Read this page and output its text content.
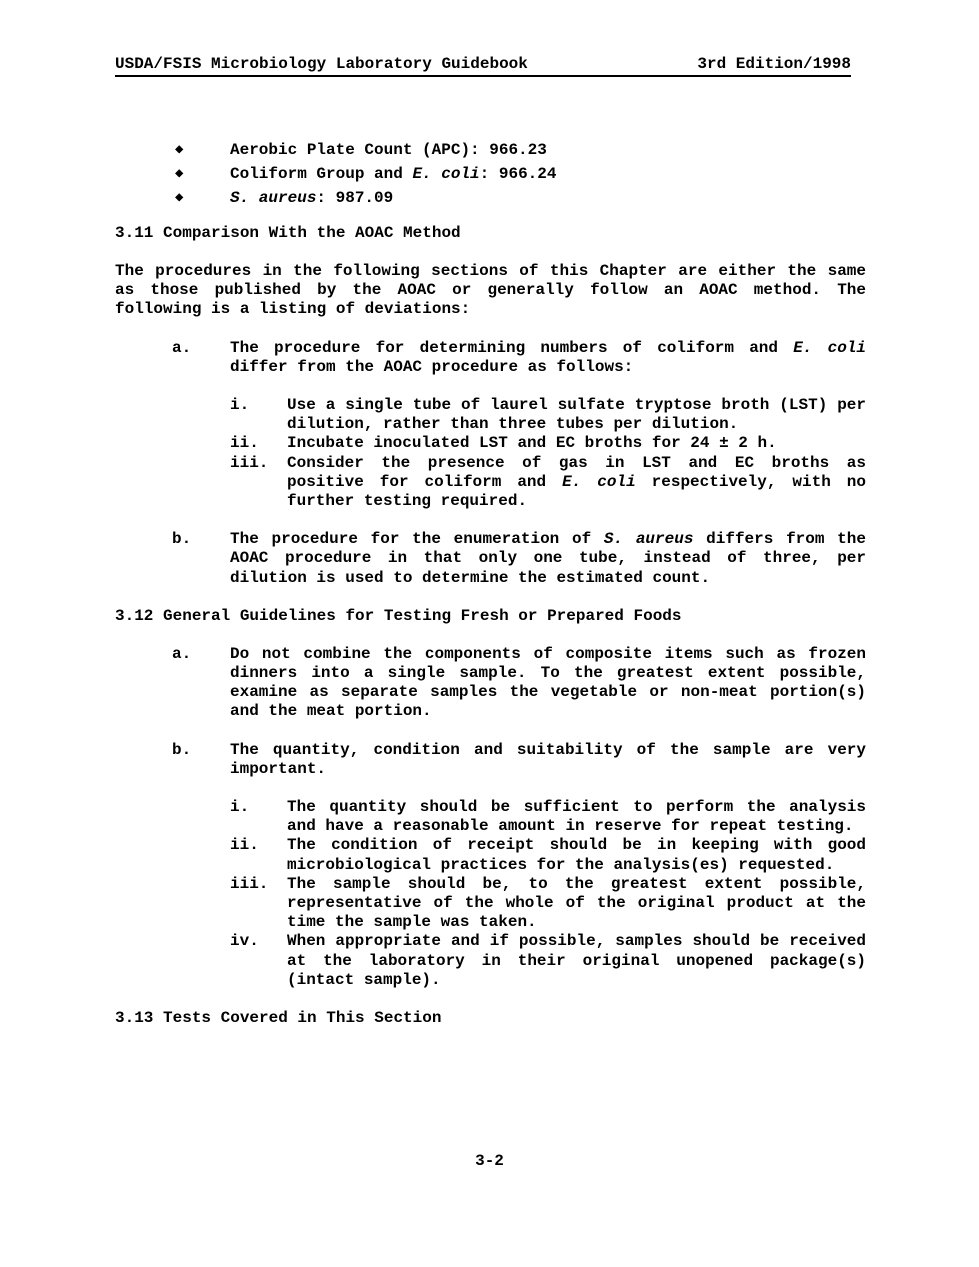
USDA/FSIS Microbiology Laboratory Guidebook	3rd Edition/1998
◆	Aerobic Plate Count (APC): 966.23
◆	Coliform Group and E. coli: 966.24
◆	S. aureus: 987.09
3.11 Comparison With the AOAC Method

The procedures in the following sections of this Chapter are either the same as those published by the AOAC or generally follow an AOAC method. The following is a listing of deviations:

a. The procedure for determining numbers of coliform and E. coli differ from the AOAC procedure as follows:
i. Use a single tube of laurel sulfate tryptose broth (LST) per dilution, rather than three tubes per dilution.
ii. Incubate inoculated LST and EC broths for 24 ± 2 h.
iii. Consider the presence of gas in LST and EC broths as positive for coliform and E. coli respectively, with no further testing required.
b. The procedure for the enumeration of S. aureus differs from the AOAC procedure in that only one tube, instead of three, per dilution is used to determine the estimated count.
3.12 General Guidelines for Testing Fresh or Prepared Foods
a. Do not combine the components of composite items such as frozen dinners into a single sample. To the greatest extent possible, examine as separate samples the vegetable or non-meat portion(s) and the meat portion.
b. The quantity, condition and suitability of the sample are very important.
i. The quantity should be sufficient to perform the analysis and have a reasonable amount in reserve for repeat testing.
ii. The condition of receipt should be in keeping with good microbiological practices for the analysis(es) requested.
iii. The sample should be, to the greatest extent possible, representative of the whole of the original product at the time the sample was taken.
iv. When appropriate and if possible, samples should be received at the laboratory in their original unopened package(s) (intact sample).
3.13 Tests Covered in This Section
3-2
